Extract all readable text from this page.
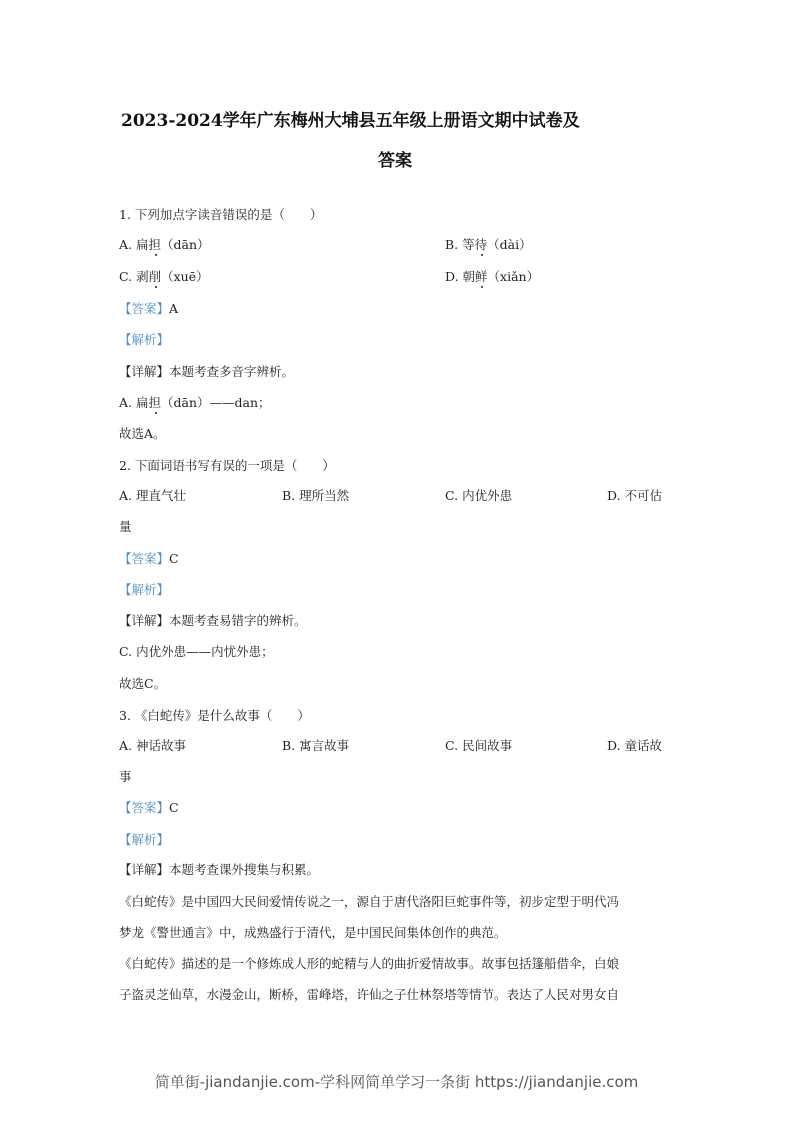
2023-2024学年广东梅州大埔县五年级上册语文期中试卷及
答案
1. 下列加点字读音错误的是（　　）
A. 扁担（dān）	B. 等待（dài）
C. 剥削（xuē）	D. 朝鲜（xiǎn）
【答案】A
【解析】
【详解】本题考查多音字辨析。
A. 扁担（dān）——dan；
故选A。
2. 下面词语书写有误的一项是（　　）
A. 理直气壮	B. 理所当然	C. 内优外患	D. 不可估
量
【答案】C
【解析】
【详解】本题考查易错字的辨析。
C. 内优外患——内忧外患；
故选C。
3. 《白蛇传》是什么故事（　　）
A. 神话故事	B. 寓言故事	C. 民间故事	D. 童话故
事
【答案】C
【解析】
【详解】本题考查课外搜集与积累。
《白蛇传》是中国四大民间爱情传说之一，源自于唐代洛阳巨蛇事件等，初步定型于明代冯
梦龙《警世通言》中，成熟盛行于清代，是中国民间集体创作的典范。
《白蛇传》描述的是一个修炼成人形的蛇精与人的曲折爱情故事。故事包括篷船借伞，白娘
子盗灵芝仙草，水漫金山，断桥，雷峰塔，许仙之子仕林祭塔等情节。表达了人民对男女自
简单街-jiandanjie.com-学科网简单学习一条街 https://jiandanjie.com
